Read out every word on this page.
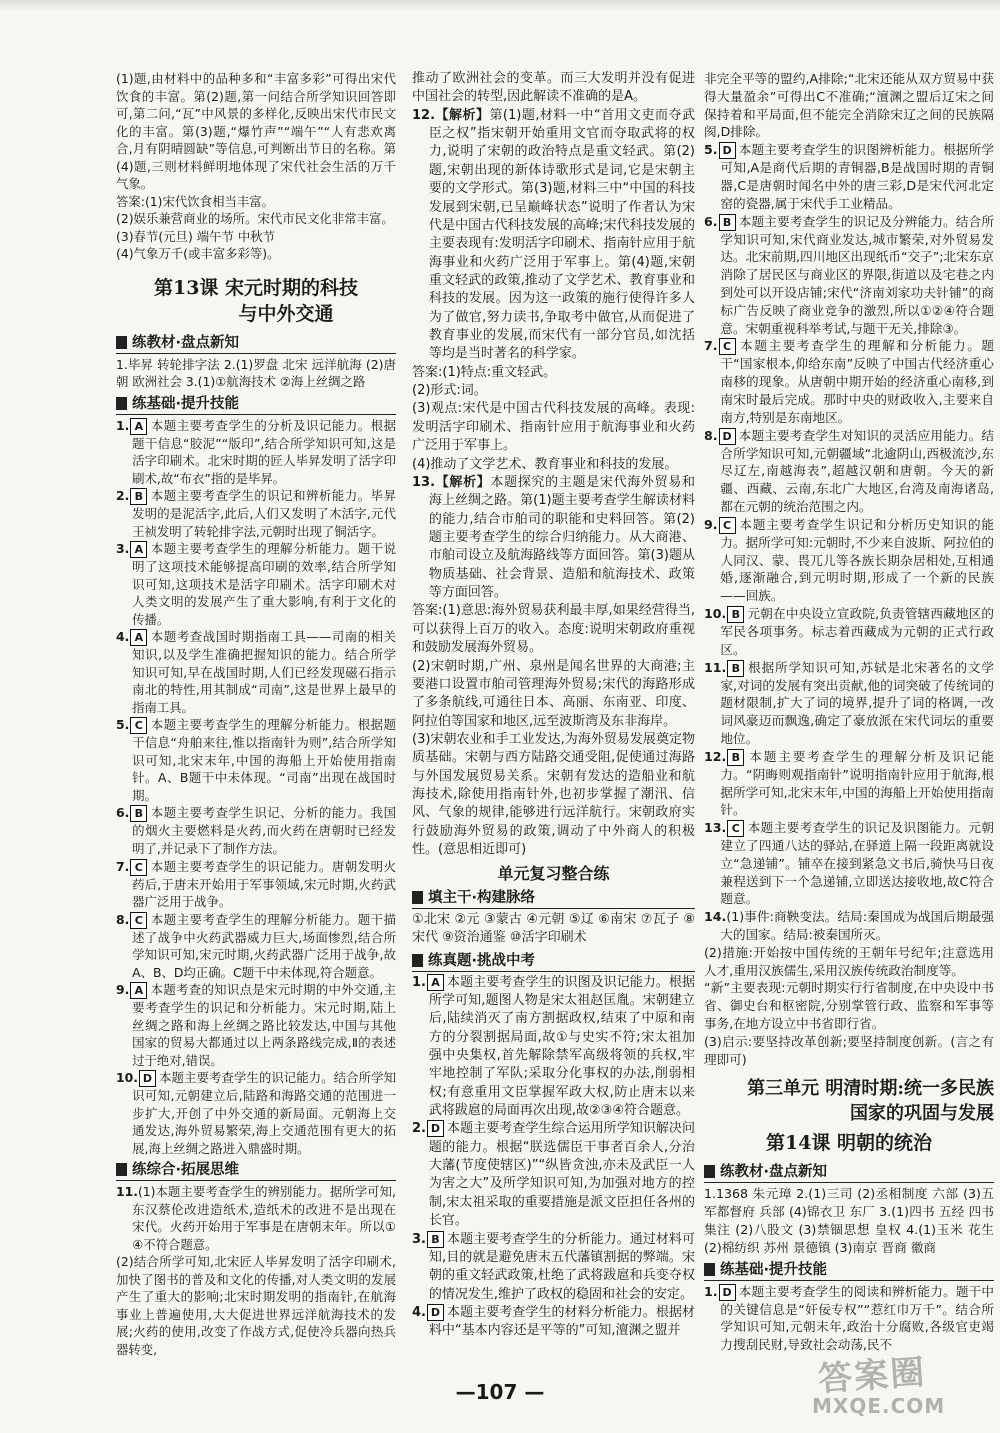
(1)题,由材料中的品种多和“丰富多彩”可得出宋代饮食的丰富。第(2)题,第一问结合所学知识回答即可,第二问,“瓦”中风景的多样化,反映出宋代市民文化的丰富。第(3)题,“爆竹声”“端午”“人有悲欢离合,月有阴晴圆缺”等信息,可判断出节日的名称。第(4)题,三则材料鲜明地体现了宋代社会生活的万千气象。

答案:(1)宋代饮食相当丰富。

(2)娱乐兼营商业的场所。宋代市民文化非常丰富。

(3)春节(元旦) 端午节 中秋节

(4)气象万千(或丰富多彩等)。

第13课 宋元时期的科技
与中外交通
练教材·盘点新知

1.毕昇 转轮排字法 2.(1)罗盘 北宋 远洋航海 (2)唐朝 欧洲社会 3.(1)①航海技术 ②海上丝绸之路

练基础·提升技能

1. A 本题主要考查学生的分析及识记能力。根据题干信息“胶泥”“版印”,结合所学知识可知,这是活字印刷术。北宋时期的匠人毕昇发明了活字印刷术,故“布衣”指的是毕昇。

2. B 本题主要考查学生的识记和辨析能力。毕昇发明的是泥活字,此后,人们又发明了木活字,元代王祯发明了转轮排字法,元朝时出现了铜活字。

3. A 本题主要考查学生的理解分析能力。题干说明了这项技术能够提高印刷的效率,结合所学知识可知,这项技术是活字印刷术。活字印刷术对人类文明的发展产生了重大影响,有利于文化的传播。

4. A 本题考查战国时期指南工具——司南的相关知识,以及学生准确把握知识的能力。结合所学知识可知,早在战国时期,人们已经发现磁石指示南北的特性,用其制成“司南”,这是世界上最早的指南工具。

5. C 本题主要考查学生的理解分析能力。根据题干信息“舟舶来往,惟以指南针为则”,结合所学知识可知,北宋末年,中国的海船上开始使用指南针。A、B题干中未体现。“司南”出现在战国时期。

6. B 本题主要考查学生识记、分析的能力。我国的烟火主要燃料是火药,而火药在唐朝时已经发明了,并记录下了制作方法。

7. C 本题主要考查学生的识记能力。唐朝发明火药后,于唐末开始用于军事领域,宋元时期,火药武器广泛用于战争。

8. C 本题主要考查学生的理解分析能力。题干描述了战争中火药武器威力巨大,场面惨烈,结合所学知识可知,宋元时期,火药武器广泛用于战争,故A、B、D均正确。C题干中未体现,符合题意。

9. A 本题考查的知识点是宋元时期的中外交通,主要考查学生的识记和分析能力。宋元时期,陆上丝绸之路和海上丝绸之路比较发达,中国与其他国家的贸易大都通过以上两条路线完成,Ⅱ的表述过于绝对,错误。

10. D 本题主要考查学生的识记能力。结合所学知识可知,元朝建立后,陆路和海路交通的范围进一步扩大,开创了中外交通的新局面。元朝海上交通发达,海外贸易繁荣,海上交通范围有更大的拓展,海上丝绸之路进入鼎盛时期。

练综合·拓展思维

11.(1)本题主要考查学生的辨别能力。据所学可知,东汉蔡伦改进造纸术,造纸术的改进不是出现在宋代。火药开始用于军事是在唐朝末年。所以①④不符合题意。

(2)结合所学可知,北宋匠人毕昇发明了活字印刷术,加快了图书的普及和文化的传播,对人类文明的发展产生了重大的影响;北宋时期发明的指南针,在航海事业上普遍使用,大大促进世界远洋航海技术的发展;火药的使用,改变了作战方式,促使冷兵器向热兵器转变,

推动了欧洲社会的变革。而三大发明并没有促进中国社会的转型,因此解读不准确的是A。

12.【解析】第(1)题,材料一中“首用文吏而夺武臣之权”指宋朝开始重用文官而夺取武将的权力,说明了宋朝的政治特点是重文轻武。第(2)题,宋朝出现的新体诗歌形式是词,它是宋朝主要的文学形式。第(3)题,材料三中“中国的科技发展到宋朝,已呈巅峰状态”说明了作者认为宋代是中国古代科技发展的高峰;宋代科技发展的主要表现有:发明活字印刷术、指南针应用于航海事业和火药广泛用于军事上。第(4)题,宋朝重文轻武的政策,推动了文学艺术、教育事业和科技的发展。因为这一政策的施行使得许多人为了做官,努力读书,争取考中做官,从而促进了教育事业的发展,而宋代有一部分官员,如沈括等均是当时著名的科学家。

答案:(1)特点:重文轻武。

(2)形式:词。

(3)观点:宋代是中国古代科技发展的高峰。表现:发明活字印刷术、指南针应用于航海事业和火药广泛用于军事上。

(4)推动了文学艺术、教育事业和科技的发展。

13.【解析】本题探究的主题是宋代海外贸易和海上丝绸之路。第(1)题主要考查学生解读材料的能力,结合市舶司的职能和史料回答。第(2)题主要考查学生的综合归纳能力。从大商港、市舶司设立及航海路线等方面回答。第(3)题从物质基础、社会背景、造船和航海技术、政策等方面回答。

答案:(1)意思:海外贸易获利最丰厚,如果经营得当,可以获得上百万的收入。态度:说明宋朝政府重视和鼓励发展海外贸易。

(2)宋朝时期,广州、泉州是闻名世界的大商港;主要港口设置市舶司管理海外贸易;宋代的海路形成了多条航线,可通往日本、高丽、东南亚、印度、阿拉伯等国家和地区,远至波斯湾及东非海岸。

(3)宋朝农业和手工业发达,为海外贸易发展奠定物质基础。宋朝与西方陆路交通受阻,促使通过海路与外国发展贸易关系。宋朝有发达的造船业和航海技术,除使用指南针外,也初步掌握了潮汛、信风、气象的规律,能够进行远洋航行。宋朝政府实行鼓励海外贸易的政策,调动了中外商人的积极性。(意思相近即可)

单元复习整合练
填主干·构建脉络

①北宋 ②元 ③蒙古 ④元朝 ⑤辽 ⑥南宋 ⑦瓦子 ⑧宋代 ⑨资治通鉴 ⑩活字印刷术

练真题·挑战中考

1. A 本题主要考查学生的识图及识记能力。根据所学可知,题图人物是宋太祖赵匡胤。宋朝建立后,陆续消灭了南方割据政权,结束了中原和南方的分裂割据局面,故①与史实不符;宋太祖加强中央集权,首先解除禁军高级将领的兵权,牢牢地控制了军队;采取分化事权的办法,削弱相权;有意重用文臣掌握军政大权,防止唐末以来武将跋扈的局面再次出现,故②③④符合题意。

2. D 本题主要考查学生综合运用所学知识解决问题的能力。根据“朕选儒臣干事者百余人,分治大藩(节度使辖区)”“纵皆贪浊,亦未及武臣一人为害之大”及所学知识可知,为加强对地方的控制,宋太祖采取的重要措施是派文臣担任各州的长官。

3. B 本题主要考查学生的分析能力。通过材料可知,目的就是避免唐末五代藩镇割据的弊端。宋朝的重文轻武政策,杜绝了武将跋扈和兵变夺权的情况发生,维护了政权的稳固和社会的安定。

4. D 本题主要考查学生的材料分析能力。根据材料中“基本内容还是平等的”可知,澶渊之盟并

非完全平等的盟约,A排除;“北宋还能从双方贸易中获得大量盈余”可得出C不准确;“澶渊之盟后辽宋之间保持着和平局面,但不能完全消除宋辽之间的民族隔阂,D排除。

5. D 本题主要考查学生的识图辨析能力。根据所学可知,A是商代后期的青铜器,B是战国时期的青铜器,C是唐朝时闻名中外的唐三彩,D是宋代河北定窑的瓷器,属于宋代手工业精品。

6. B 本题主要考查学生的识记及分辨能力。结合所学知识可知,宋代商业发达,城市繁荣,对外贸易发达。北宋前期,四川地区出现纸币“交子”;北宋东京消除了居民区与商业区的界限,街道以及宅巷之内到处可以开设店铺;宋代“济南刘家功夫针铺”的商标广告反映了商业竞争的激烈,所以①②④符合题意。宋朝重视科举考试,与题干无关,排除③。

7. C 本题主要考查学生的理解和分析能力。题干“国家根本,仰给东南”反映了中国古代经济重心南移的现象。从唐朝中期开始的经济重心南移,到南宋时最后完成。那时中央的财政收入,主要来自南方,特别是东南地区。

8. D 本题主要考查学生对知识的灵活应用能力。结合所学知识可知,元朝疆域“北逾阴山,西极流沙,东尽辽左,南越海表”,超越汉朝和唐朝。今天的新疆、西藏、云南,东北广大地区,台湾及南海诸岛,都在元朝的统治范围之内。

9. C 本题主要考查学生识记和分析历史知识的能力。据所学可知:元朝时,不少来自波斯、阿拉伯的人同汉、蒙、畏兀儿等各族长期杂居相处,互相通婚,逐渐融合,到元明时期,形成了一个新的民族——回族。

10. B 元朝在中央设立宣政院,负责管辖西藏地区的军民各项事务。标志着西藏成为元朝的正式行政区。

11. B 根据所学知识可知,苏轼是北宋著名的文学家,对词的发展有突出贡献,他的词突破了传统词的题材限制,扩大了词的境界,提升了词的格调,一改词风豪迈而飘逸,确定了豪放派在宋代词坛的重要地位。

12. B 本题主要考查学生的理解分析及识记能力。“阴晦则观指南针”说明指南针应用于航海,根据所学可知,北宋末年,中国的海船上开始使用指南针。

13. C 本题主要考查学生的识记及识图能力。元朝建立了四通八达的驿站,在驿道上隔一段距离就设立“急递铺”。铺卒在接到紧急文书后,骑快马日夜兼程送到下一个急递铺,立即送达接收地,故C符合题意。

14.(1)事件:商鞅变法。结局:秦国成为战国后期最强大的国家。结局:被秦国所灭。

(2)措施:开始按中国传统的王朝年号纪年;注意选用人才,重用汉族儒生,采用汉族传统政治制度等。

“新”主要表现:元朝时期实行行省制度,在中央设中书省、御史台和枢密院,分别掌管行政、监察和军事等事务,在地方设立中书省即行省。

(3)启示:要坚持改革创新;要坚持制度创新。(言之有理即可)

第三单元 明清时期:统一多民族
国家的巩固与发展
第14课 明朝的统治
练教材·盘点新知

1.1368 朱元璋 2.(1)三司 (2)丞相制度 六部 (3)五军都督府 兵部 (4)锦衣卫 东厂 3.(1)四书 五经 四书集注 (2)八股文 (3)禁锢思想 皇权 4.(1)玉米 花生 (2)棉纺织 苏州 景德镇 (3)南京 晋商 徽商

练基础·提升技能

1. D 本题主要考查学生的阅读和辨析能力。题干中的关键信息是“奸佞专权”“惹红巾万千”。结合所学知识可知,元朝末年,政治十分腐败,各级官吏竭力搜刮民财,导致社会动荡,民不

—107 —	答案圈
MXQE.COM
